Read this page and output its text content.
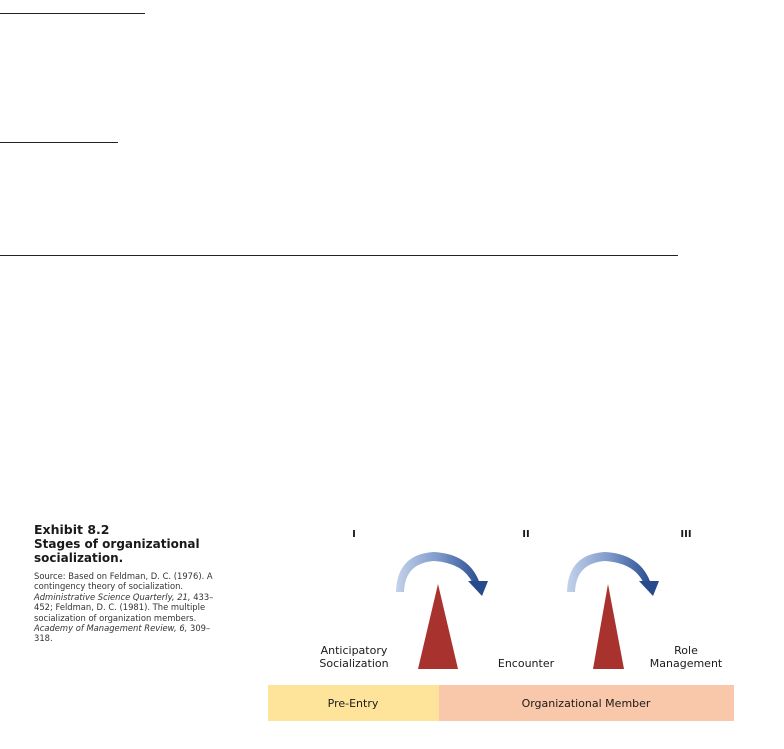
Exhibit 8.2
Stages of organizational socialization.
Source: Based on Feldman, D. C. (1976). A contingency theory of socialization. Administrative Science Quarterly, 21, 433–452; Feldman, D. C. (1981). The multiple socialization of organization members. Academy of Management Review, 6, 309–318.
I	II	III
Anticipatory
Socialization	Encounter
Role
Management
Pre-Entry	Organizational Member
